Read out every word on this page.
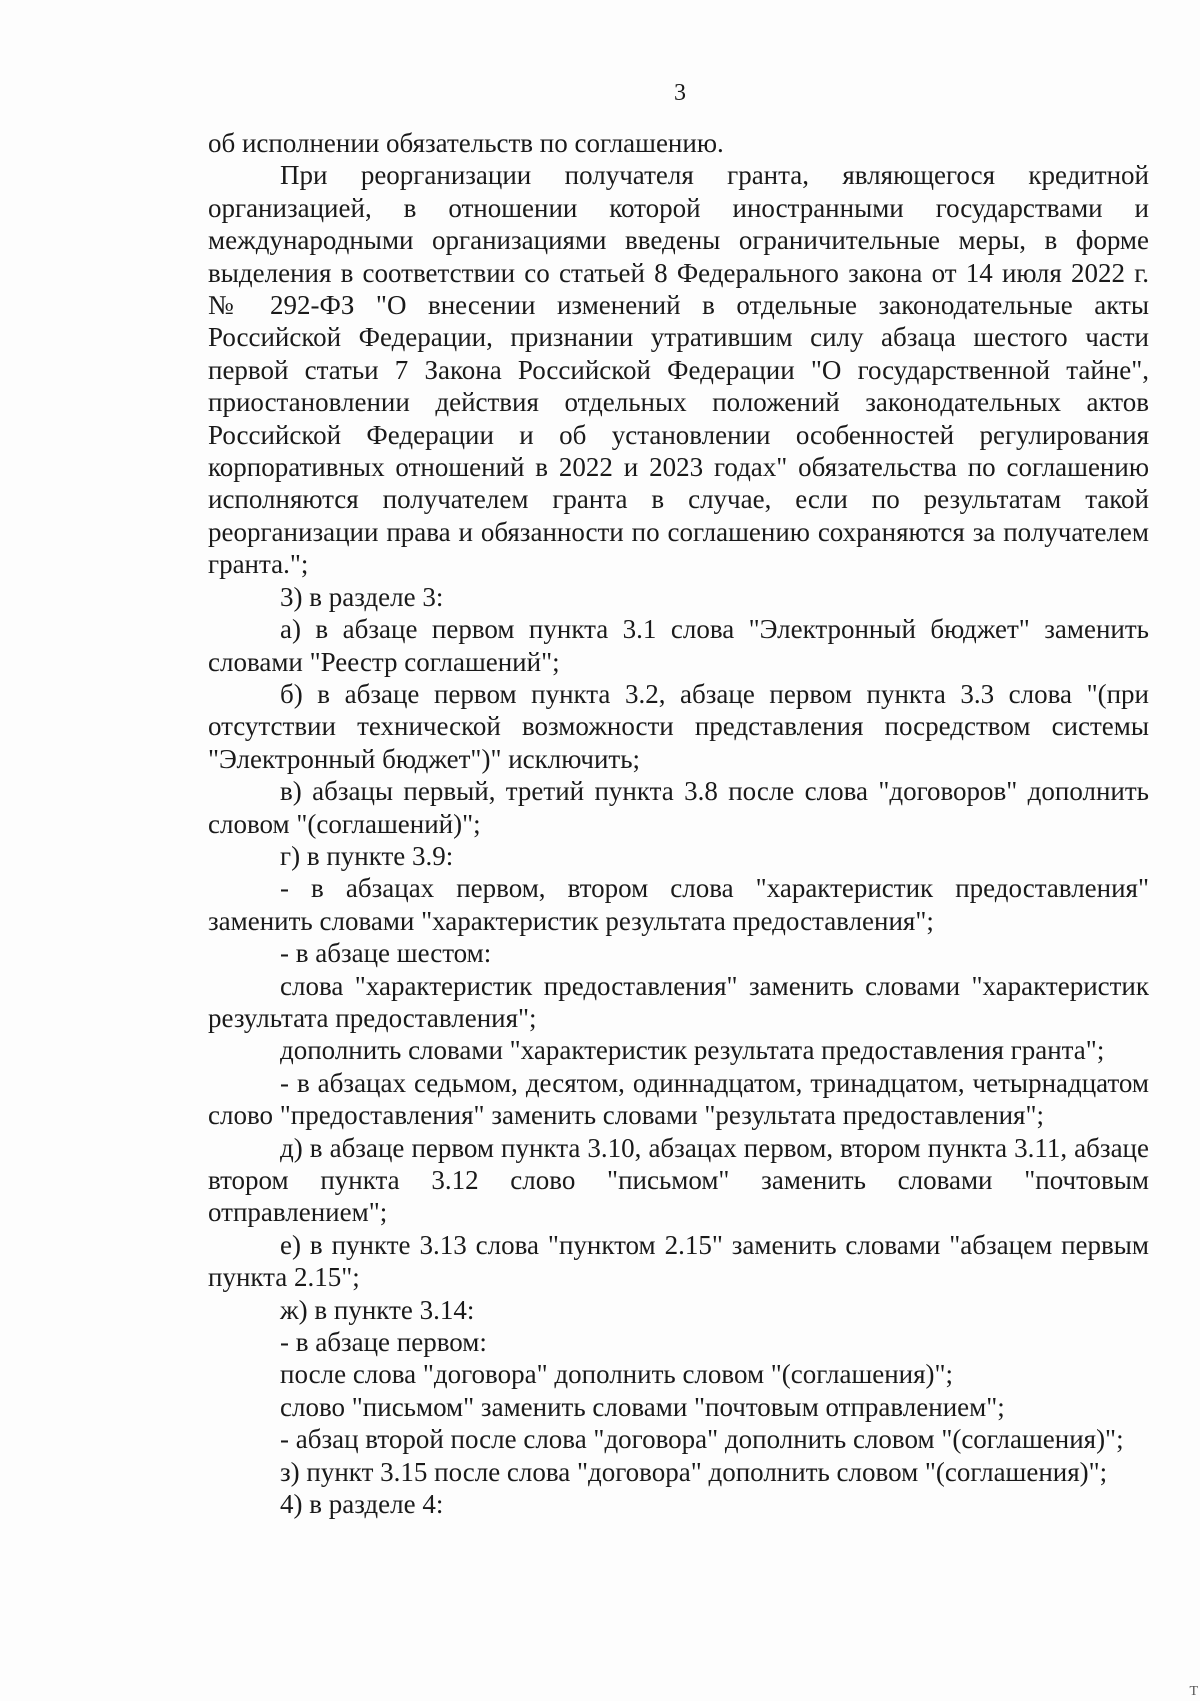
3

об исполнении обязательств по соглашению.

При реорганизации получателя гранта, являющегося кредитной организацией, в отношении которой иностранными государствами и международными организациями введены ограничительные меры, в форме выделения в соответствии со статьей 8 Федерального закона от 14 июля 2022 г. № 292-ФЗ "О внесении изменений в отдельные законодательные акты Российской Федерации, признании утратившим силу абзаца шестого части первой статьи 7 Закона Российской Федерации "О государственной тайне", приостановлении действия отдельных положений законодательных актов Российской Федерации и об установлении особенностей регулирования корпоративных отношений в 2022 и 2023 годах" обязательства по соглашению исполняются получателем гранта в случае, если по результатам такой реорганизации права и обязанности по соглашению сохраняются за получателем гранта.";

3) в разделе 3:

а) в абзаце первом пункта 3.1 слова "Электронный бюджет" заменить словами "Реестр соглашений";

б) в абзаце первом пункта 3.2, абзаце первом пункта 3.3 слова "(при отсутствии технической возможности представления посредством системы "Электронный бюджет")" исключить;

в) абзацы первый, третий пункта 3.8 после слова "договоров" дополнить словом "(соглашений)";

г) в пункте 3.9:

- в абзацах первом, втором слова "характеристик предоставления" заменить словами "характеристик результата предоставления";

- в абзаце шестом:

слова "характеристик предоставления" заменить словами "характеристик результата предоставления";

дополнить словами "характеристик результата предоставления гранта";

- в абзацах седьмом, десятом, одиннадцатом, тринадцатом, четырнадцатом слово "предоставления" заменить словами "результата предоставления";

д) в абзаце первом пункта 3.10, абзацах первом, втором пункта 3.11, абзаце втором пункта 3.12 слово "письмом" заменить словами "почтовым отправлением";

е) в пункте 3.13 слова "пунктом 2.15" заменить словами "абзацем первым пункта 2.15";

ж) в пункте 3.14:

- в абзаце первом:

после слова "договора" дополнить словом "(соглашения)";

слово "письмом" заменить словами "почтовым отправлением";

- абзац второй после слова "договора" дополнить словом "(соглашения)";

з) пункт 3.15 после слова "договора" дополнить словом "(соглашения)";

4) в разделе 4:

Т
